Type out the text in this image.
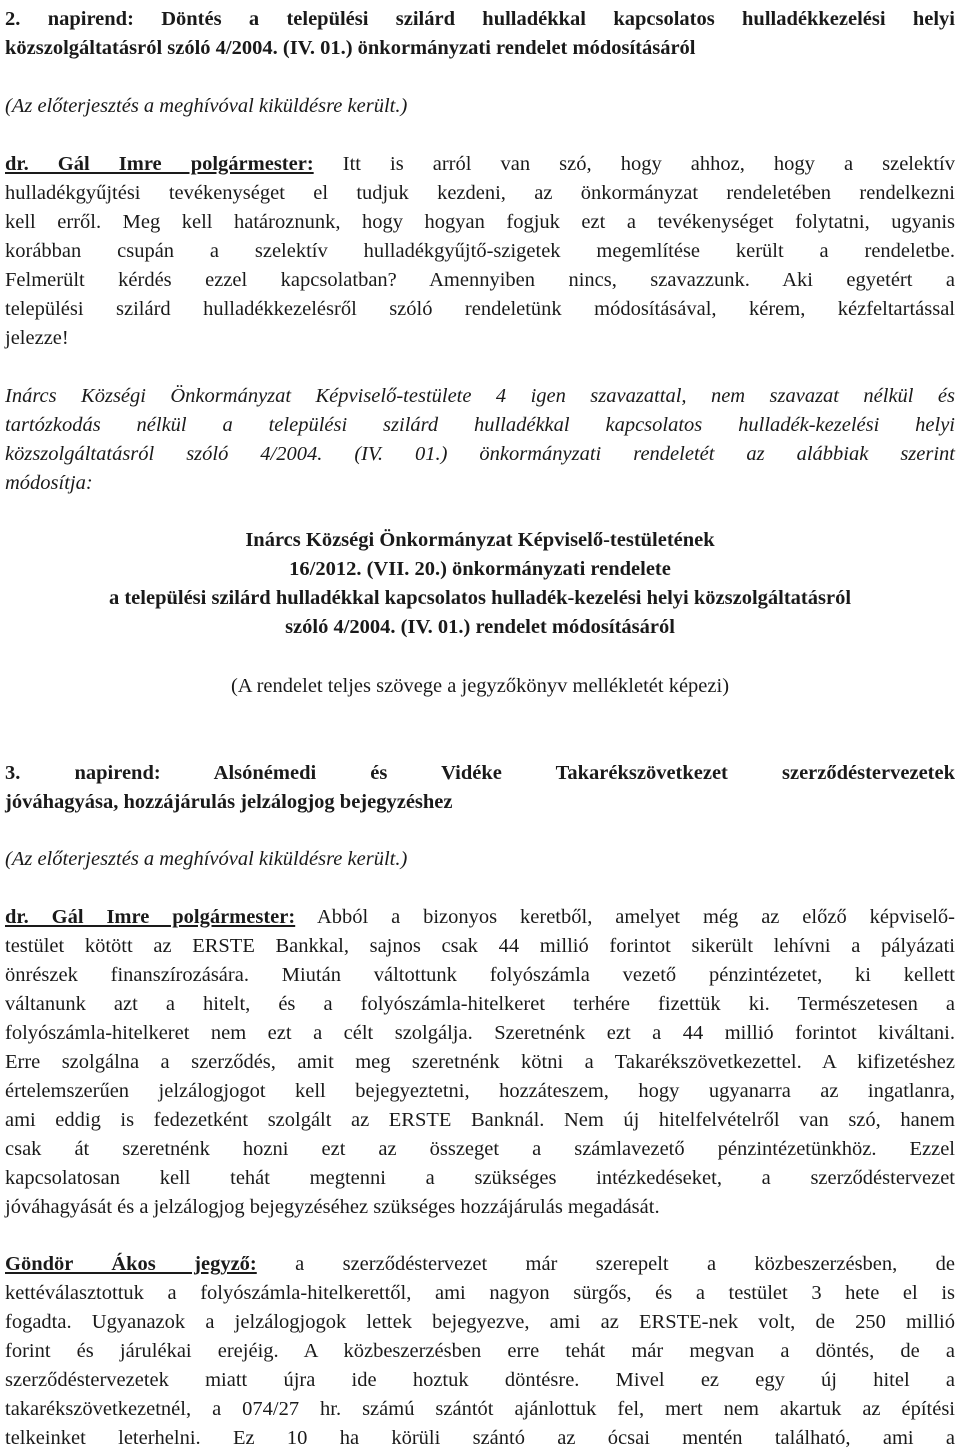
2. napirend: Döntés a települési szilárd hulladékkal kapcsolatos hulladékkezelési helyi
közszolgáltatásról szóló 4/2004. (IV. 01.) önkormányzati rendelet módosításáról
(Az előterjesztés a meghívóval kiküldésre került.)
dr. Gál Imre polgármester: Itt is arról van szó, hogy ahhoz, hogy a szelektív
hulladékgyűjtési tevékenységet el tudjuk kezdeni, az önkormányzat rendeletében rendelkezni
kell erről. Meg kell határoznunk, hogy hogyan fogjuk ezt a tevékenységet folytatni, ugyanis
korábban csupán a szelektív hulladékgyűjtő-szigetek megemlítése került a rendeletbe.
Felmerült kérdés ezzel kapcsolatban? Amennyiben nincs, szavazzunk. Aki egyetért a
települési szilárd hulladékkezelésről szóló rendeletünk módosításával, kérem, kézfeltartással
jelezze!
Inárcs Községi Önkormányzat Képviselő-testülete 4 igen szavazattal, nem szavazat nélkül és
tartózkodás nélkül a települési szilárd hulladékkal kapcsolatos hulladék-kezelési helyi
közszolgáltatásról szóló 4/2004. (IV. 01.) önkormányzati rendeletét az alábbiak szerint
módosítja:
Inárcs Községi Önkormányzat Képviselő-testületének
16/2012. (VII. 20.) önkormányzati rendelete
a települési szilárd hulladékkal kapcsolatos hulladék-kezelési helyi közszolgáltatásról
szóló 4/2004. (IV. 01.) rendelet módosításáról
(A rendelet teljes szövege a jegyzőkönyv mellékletét képezi)
3. napirend: Alsónémedi és Vidéke Takarékszövetkezet szerződéstervezetek
jóváhagyása, hozzájárulás jelzálogjog bejegyzéshez
(Az előterjesztés a meghívóval kiküldésre került.)
dr. Gál Imre polgármester: Abból a bizonyos keretből, amelyet még az előző képviselő-
testület kötött az ERSTE Bankkal, sajnos csak 44 millió forintot sikerült lehívni a pályázati
önrészek finanszírozására. Miután váltottunk folyószámla vezető pénzintézetet, ki kellett
váltanunk azt a hitelt, és a folyószámla-hitelkeret terhére fizettük ki. Természetesen a
folyószámla-hitelkeret nem ezt a célt szolgálja. Szeretnénk ezt a 44 millió forintot kiváltani.
Erre szolgálna a szerződés, amit meg szeretnénk kötni a Takarékszövetkezettel. A kifizetéshez
értelemszerűen jelzálogjogot kell bejegyeztetni, hozzáteszem, hogy ugyanarra az ingatlanra,
ami eddig is fedezetként szolgált az ERSTE Banknál. Nem új hitelfelvételről van szó, hanem
csak át szeretnénk hozni ezt az összeget a számlavezető pénzintézetünkhöz. Ezzel
kapcsolatosan kell tehát megtenni a szükséges intézkedéseket, a szerződéstervezet
jóváhagyását és a jelzálogjog bejegyzéséhez szükséges hozzájárulás megadását.
Göndör Ákos jegyző: a szerződéstervezet már szerepelt a közbeszerzésben, de
kettéválasztottuk a folyószámla-hitelkerettől, ami nagyon sürgős, és a testület 3 hete el is
fogadta. Ugyanazok a jelzálogjogok lettek bejegyezve, ami az ERSTE-nek volt, de 250 millió
forint és járulékai erejéig. A közbeszerzésben erre tehát már megvan a döntés, de a
szerződéstervezetek miatt újra ide hoztuk döntésre. Mivel ez egy új hitel a
takarékszövetkezetnél, a 074/27 hr. számú szántót ajánlottuk fel, mert nem akartuk az építési
telkeinket leterhelni. Ez 10 ha körüli szántó az ócsai mentén található, ami a
